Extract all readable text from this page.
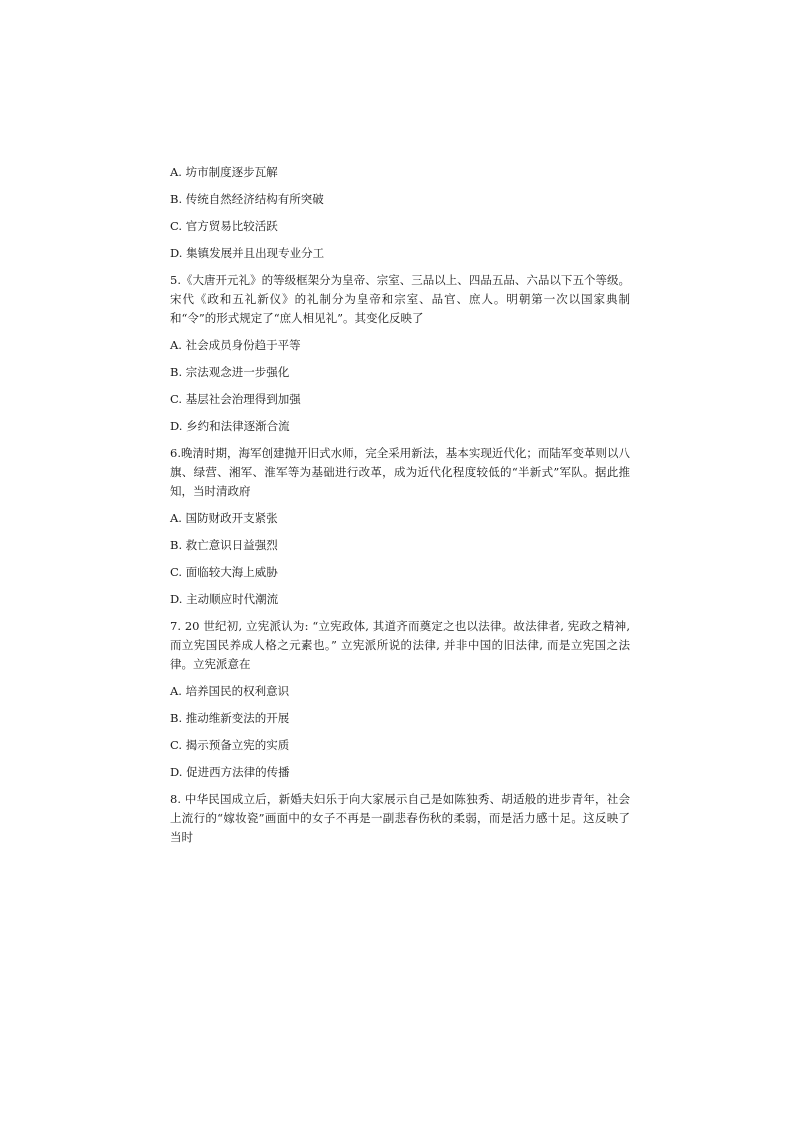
A. 坊市制度逐步瓦解
B. 传统自然经济结构有所突破
C. 官方贸易比较活跃
D. 集镇发展并且出现专业分工
5.《大唐开元礼》的等级框架分为皇帝、宗室、三品以上、四品五品、六品以下五个等级。宋代《政和五礼新仪》的礼制分为皇帝和宗室、品官、庶人。明朝第一次以国家典制和“令”的形式规定了“庶人相见礼”。其变化反映了
A. 社会成员身份趋于平等
B. 宗法观念进一步强化
C. 基层社会治理得到加强
D. 乡约和法律逐渐合流
6.晚清时期，海军创建抛开旧式水师，完全采用新法，基本实现近代化；而陆军变革则以八旗、绿营、湘军、淮军等为基础进行改革，成为近代化程度较低的“半新式”军队。据此推知，当时清政府
A. 国防财政开支紧张
B. 救亡意识日益强烈
C. 面临较大海上威胁
D. 主动顺应时代潮流
7. 20 世纪初, 立宪派认为: “立宪政体, 其道齐而奠定之也以法律。故法律者, 宪政之精神, 而立宪国民养成人格之元素也。” 立宪派所说的法律, 并非中国的旧法律, 而是立宪国之法律。立宪派意在
A. 培养国民的权利意识
B. 推动维新变法的开展
C. 揭示预备立宪的实质
D. 促进西方法律的传播
8. 中华民国成立后，新婚夫妇乐于向大家展示自己是如陈独秀、胡适般的进步青年，社会上流行的“嫁妆瓷”画面中的女子不再是一副悲春伤秋的柔弱，而是活力感十足。这反映了当时
